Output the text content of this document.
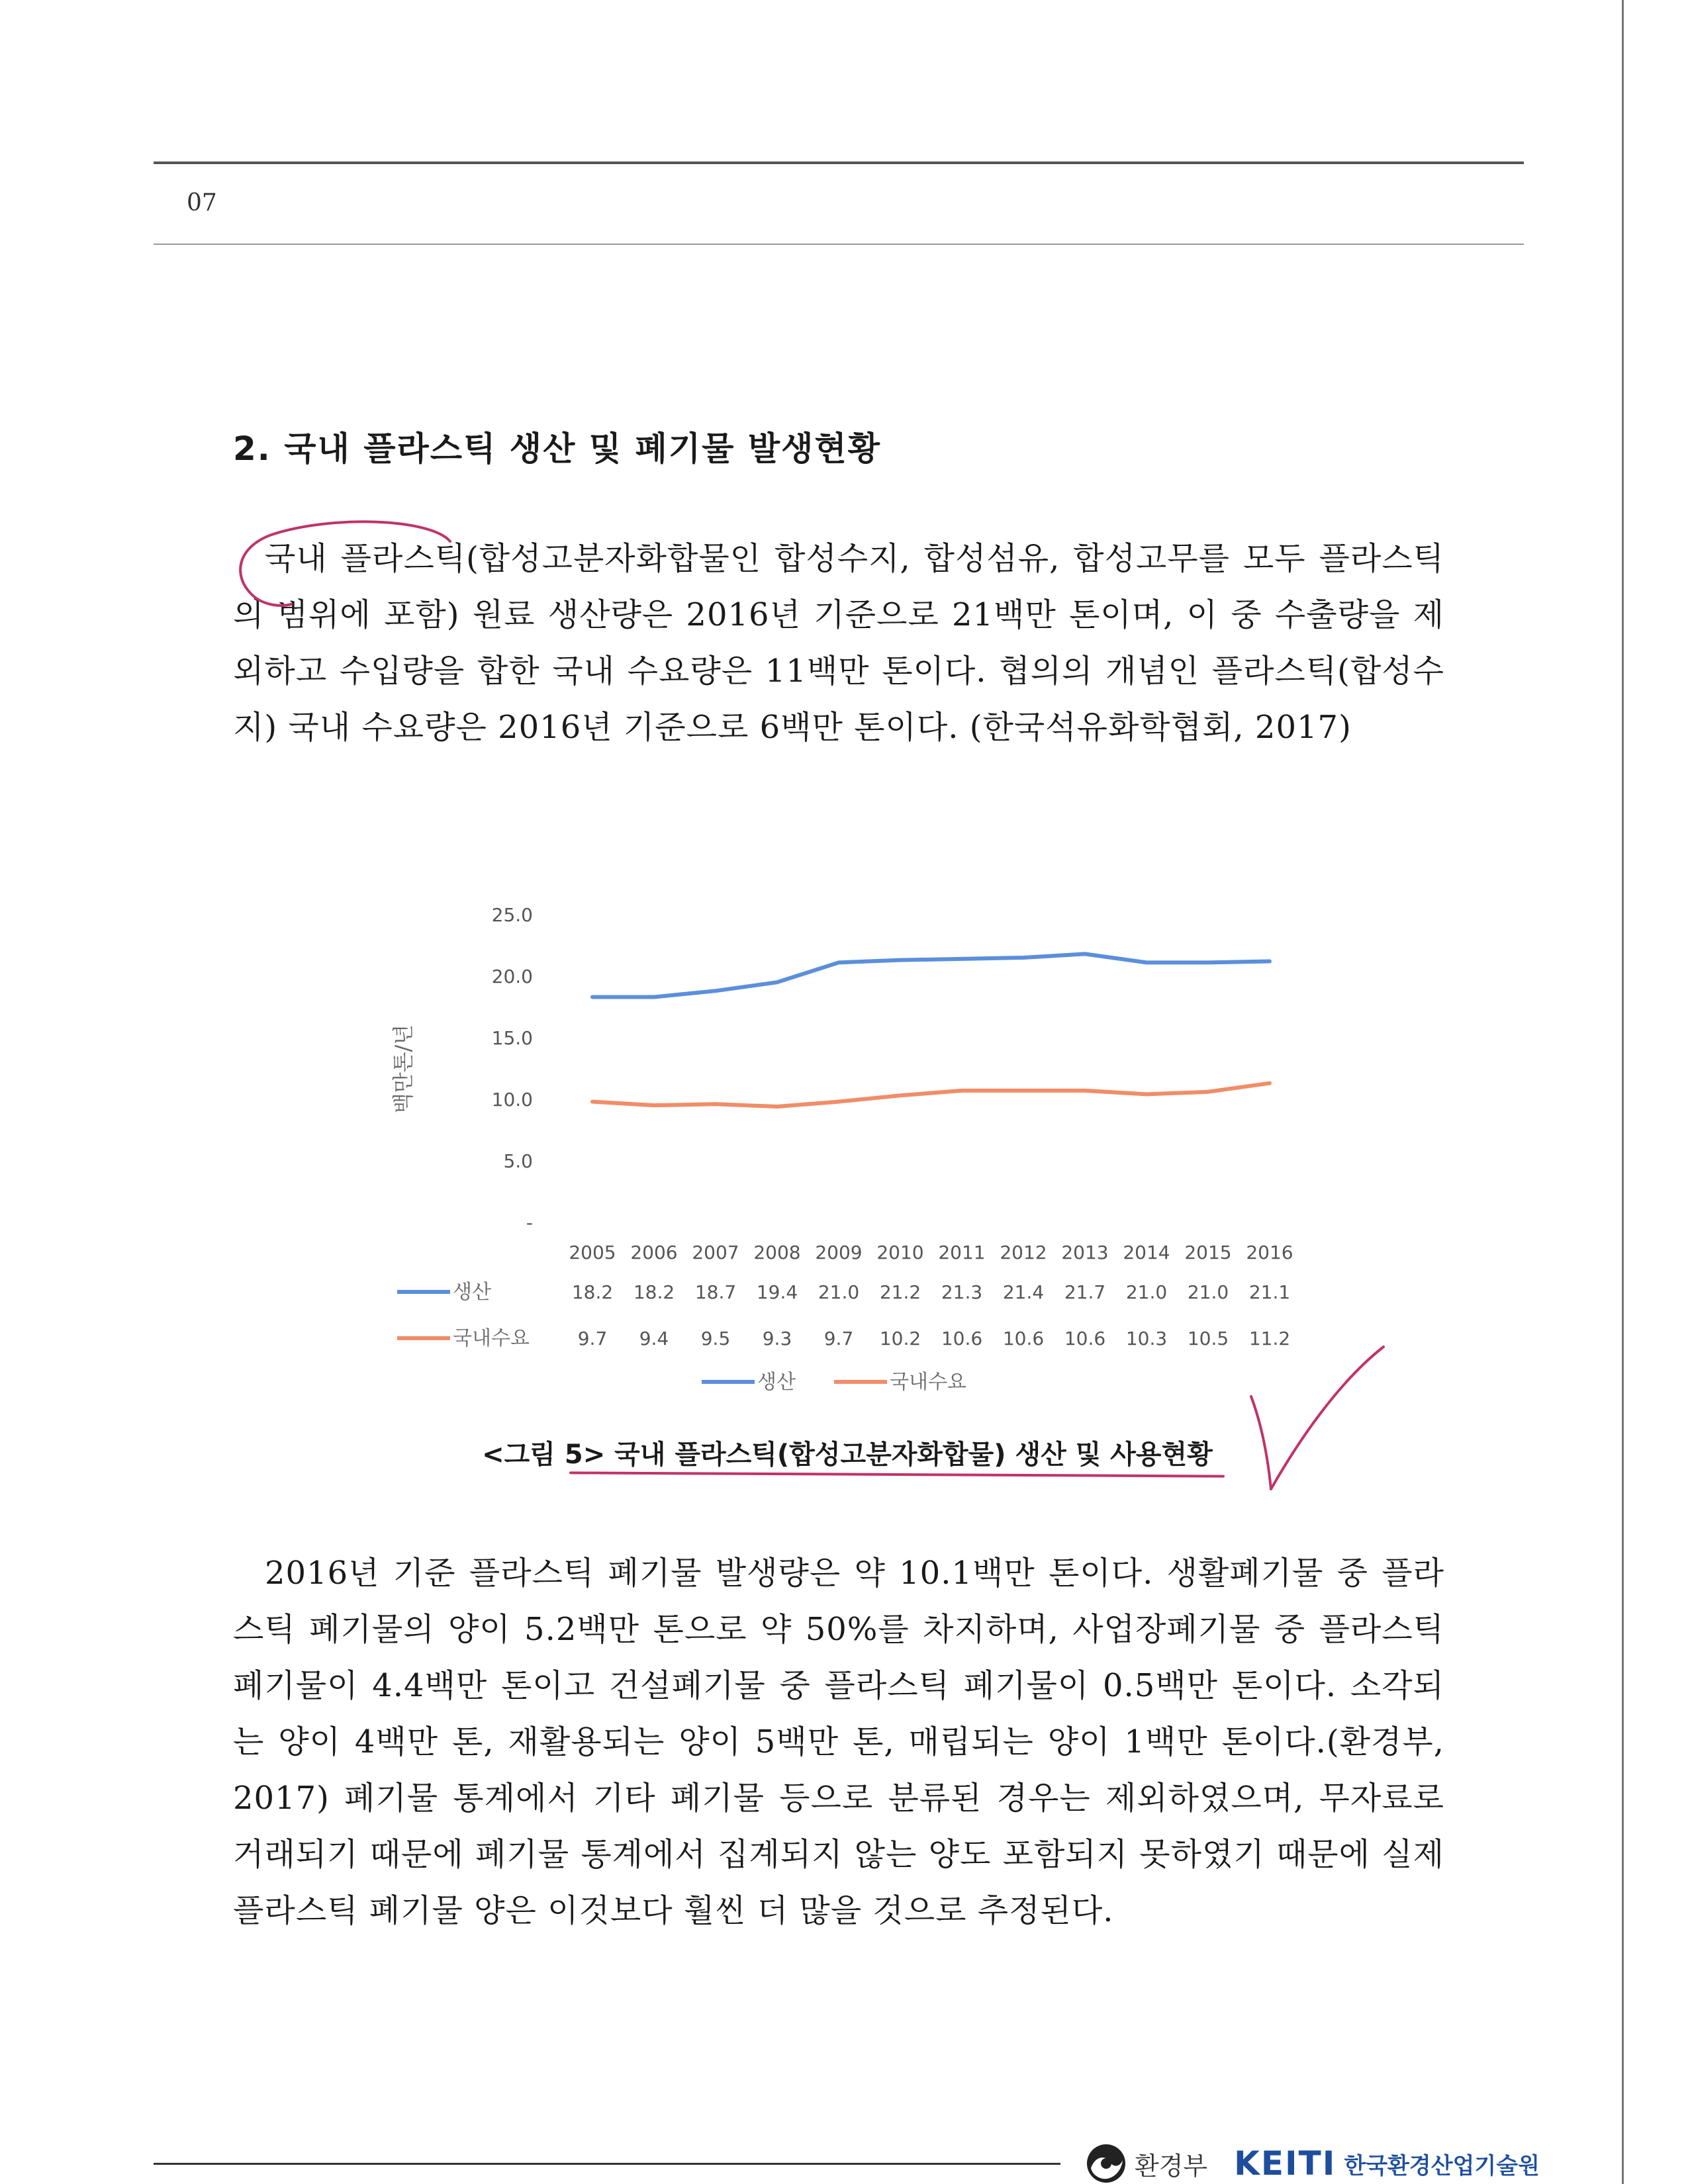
07
2. 국내 플라스틱 생산 및 폐기물 발생현황
국내 플라스틱(합성고분자화합물인 합성수지, 합성섬유, 합성고무를 모두 플라스틱의 범위에 포함) 원료 생산량은 2016년 기준으로 21백만 톤이며, 이 중 수출량을 제외하고 수입량을 합한 국내 수요량은 11백만 톤이다. 협의의 개념인 플라스틱(합성수지) 국내 수요량은 2016년 기준으로 6백만 톤이다. (한국석유화학협회, 2017)
백만톤/년
25.0
20.0
15.0
10.0
5.0
-
2005 2006 2007 2008 2009 2010 2011 2012 2013 2014 2015 2016
생산	18.2 18.2 18.7 19.4 21.0 21.2 21.3 21.4 21.7 21.0 21.0 21.1
국내수요	9.7 9.4 9.5 9.3 9.7 10.2 10.6 10.6 10.6 10.3 10.5 11.2
생산	국내수요
<그림 5> 국내 플라스틱(합성고분자화합물) 생산 및 사용현황
2016년 기준 플라스틱 폐기물 발생량은 약 10.1백만 톤이다. 생활폐기물 중 플라스틱 폐기물의 양이 5.2백만 톤으로 약 50%를 차지하며, 사업장폐기물 중 플라스틱 폐기물이 4.4백만 톤이고 건설폐기물 중 플라스틱 폐기물이 0.5백만 톤이다. 소각되는 양이 4백만 톤, 재활용되는 양이 5백만 톤, 매립되는 양이 1백만 톤이다.(환경부, 2017) 폐기물 통계에서 기타 폐기물 등으로 분류된 경우는 제외하였으며, 무자료로 거래되기 때문에 폐기물 통계에서 집계되지 않는 양도 포함되지 못하였기 때문에 실제 플라스틱 폐기물 양은 이것보다 훨씬 더 많을 것으로 추정된다.
환경부 KEITI 한국환경산업기술원
